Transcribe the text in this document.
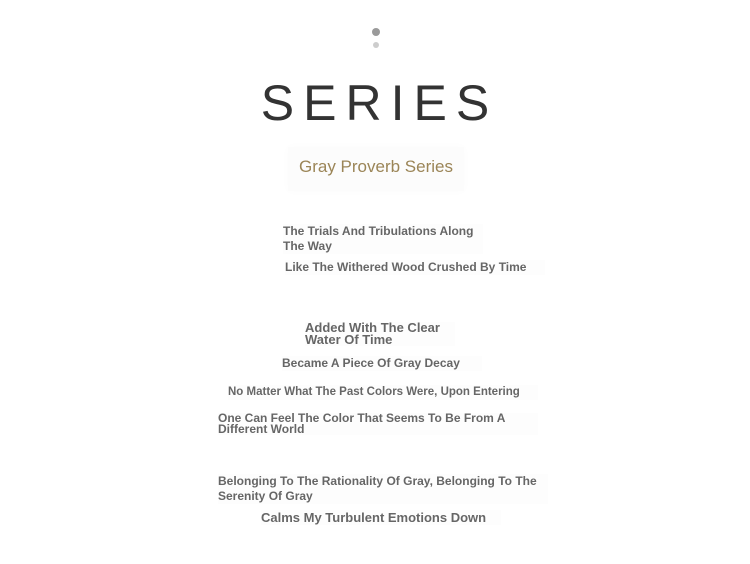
SERIES
Gray Proverb Series
The Trials And Tribulations Along The Way
Like The Withered Wood Crushed By Time
Added With The Clear Water Of Time
Became A Piece Of Gray Decay
No Matter What The Past Colors Were, Upon Entering
One Can Feel The Color That Seems To Be From A Different World
Belonging To The Rationality Of Gray, Belonging To The Serenity Of Gray
Calms My Turbulent Emotions Down
